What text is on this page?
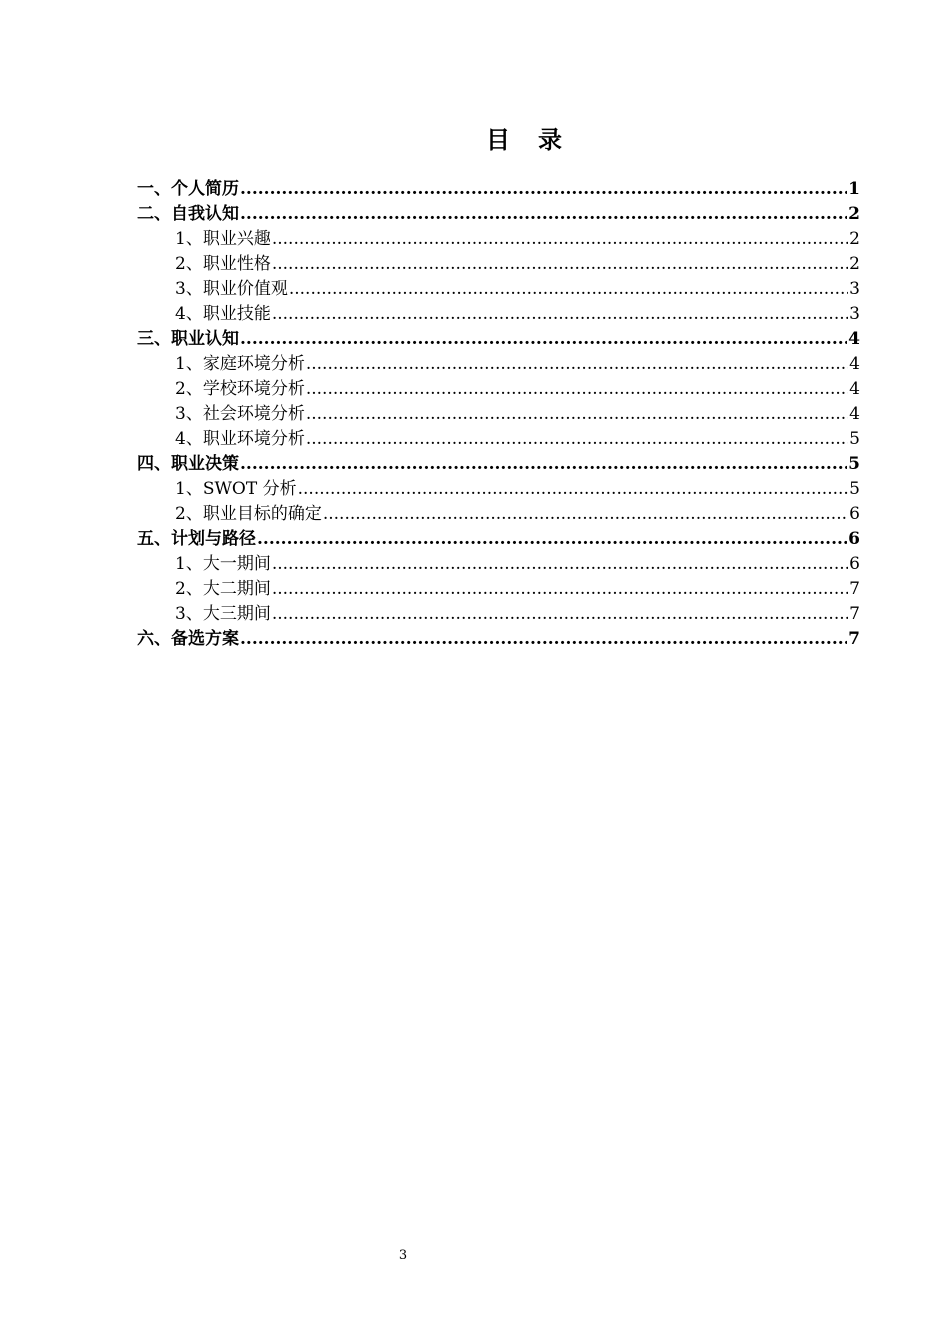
目　录
一、个人简历 .....	1
二、自我认知 .....	2
1、职业兴趣 .....	2
2、职业性格 .....	2
3、职业价值观 .....	3
4、职业技能 .....	3
三、职业认知 .....	4
1、家庭环境分析 .....	4
2、学校环境分析 .....	4
3、社会环境分析 .....	4
4、职业环境分析 .....	5
四、职业决策 .....	5
1、SWOT 分析 .....	5
2、职业目标的确定 .....	6
五、计划与路径 .....	6
1、大一期间 .....	6
2、大二期间 .....	7
3、大三期间 .....	7
六、备选方案 .....	7
3
